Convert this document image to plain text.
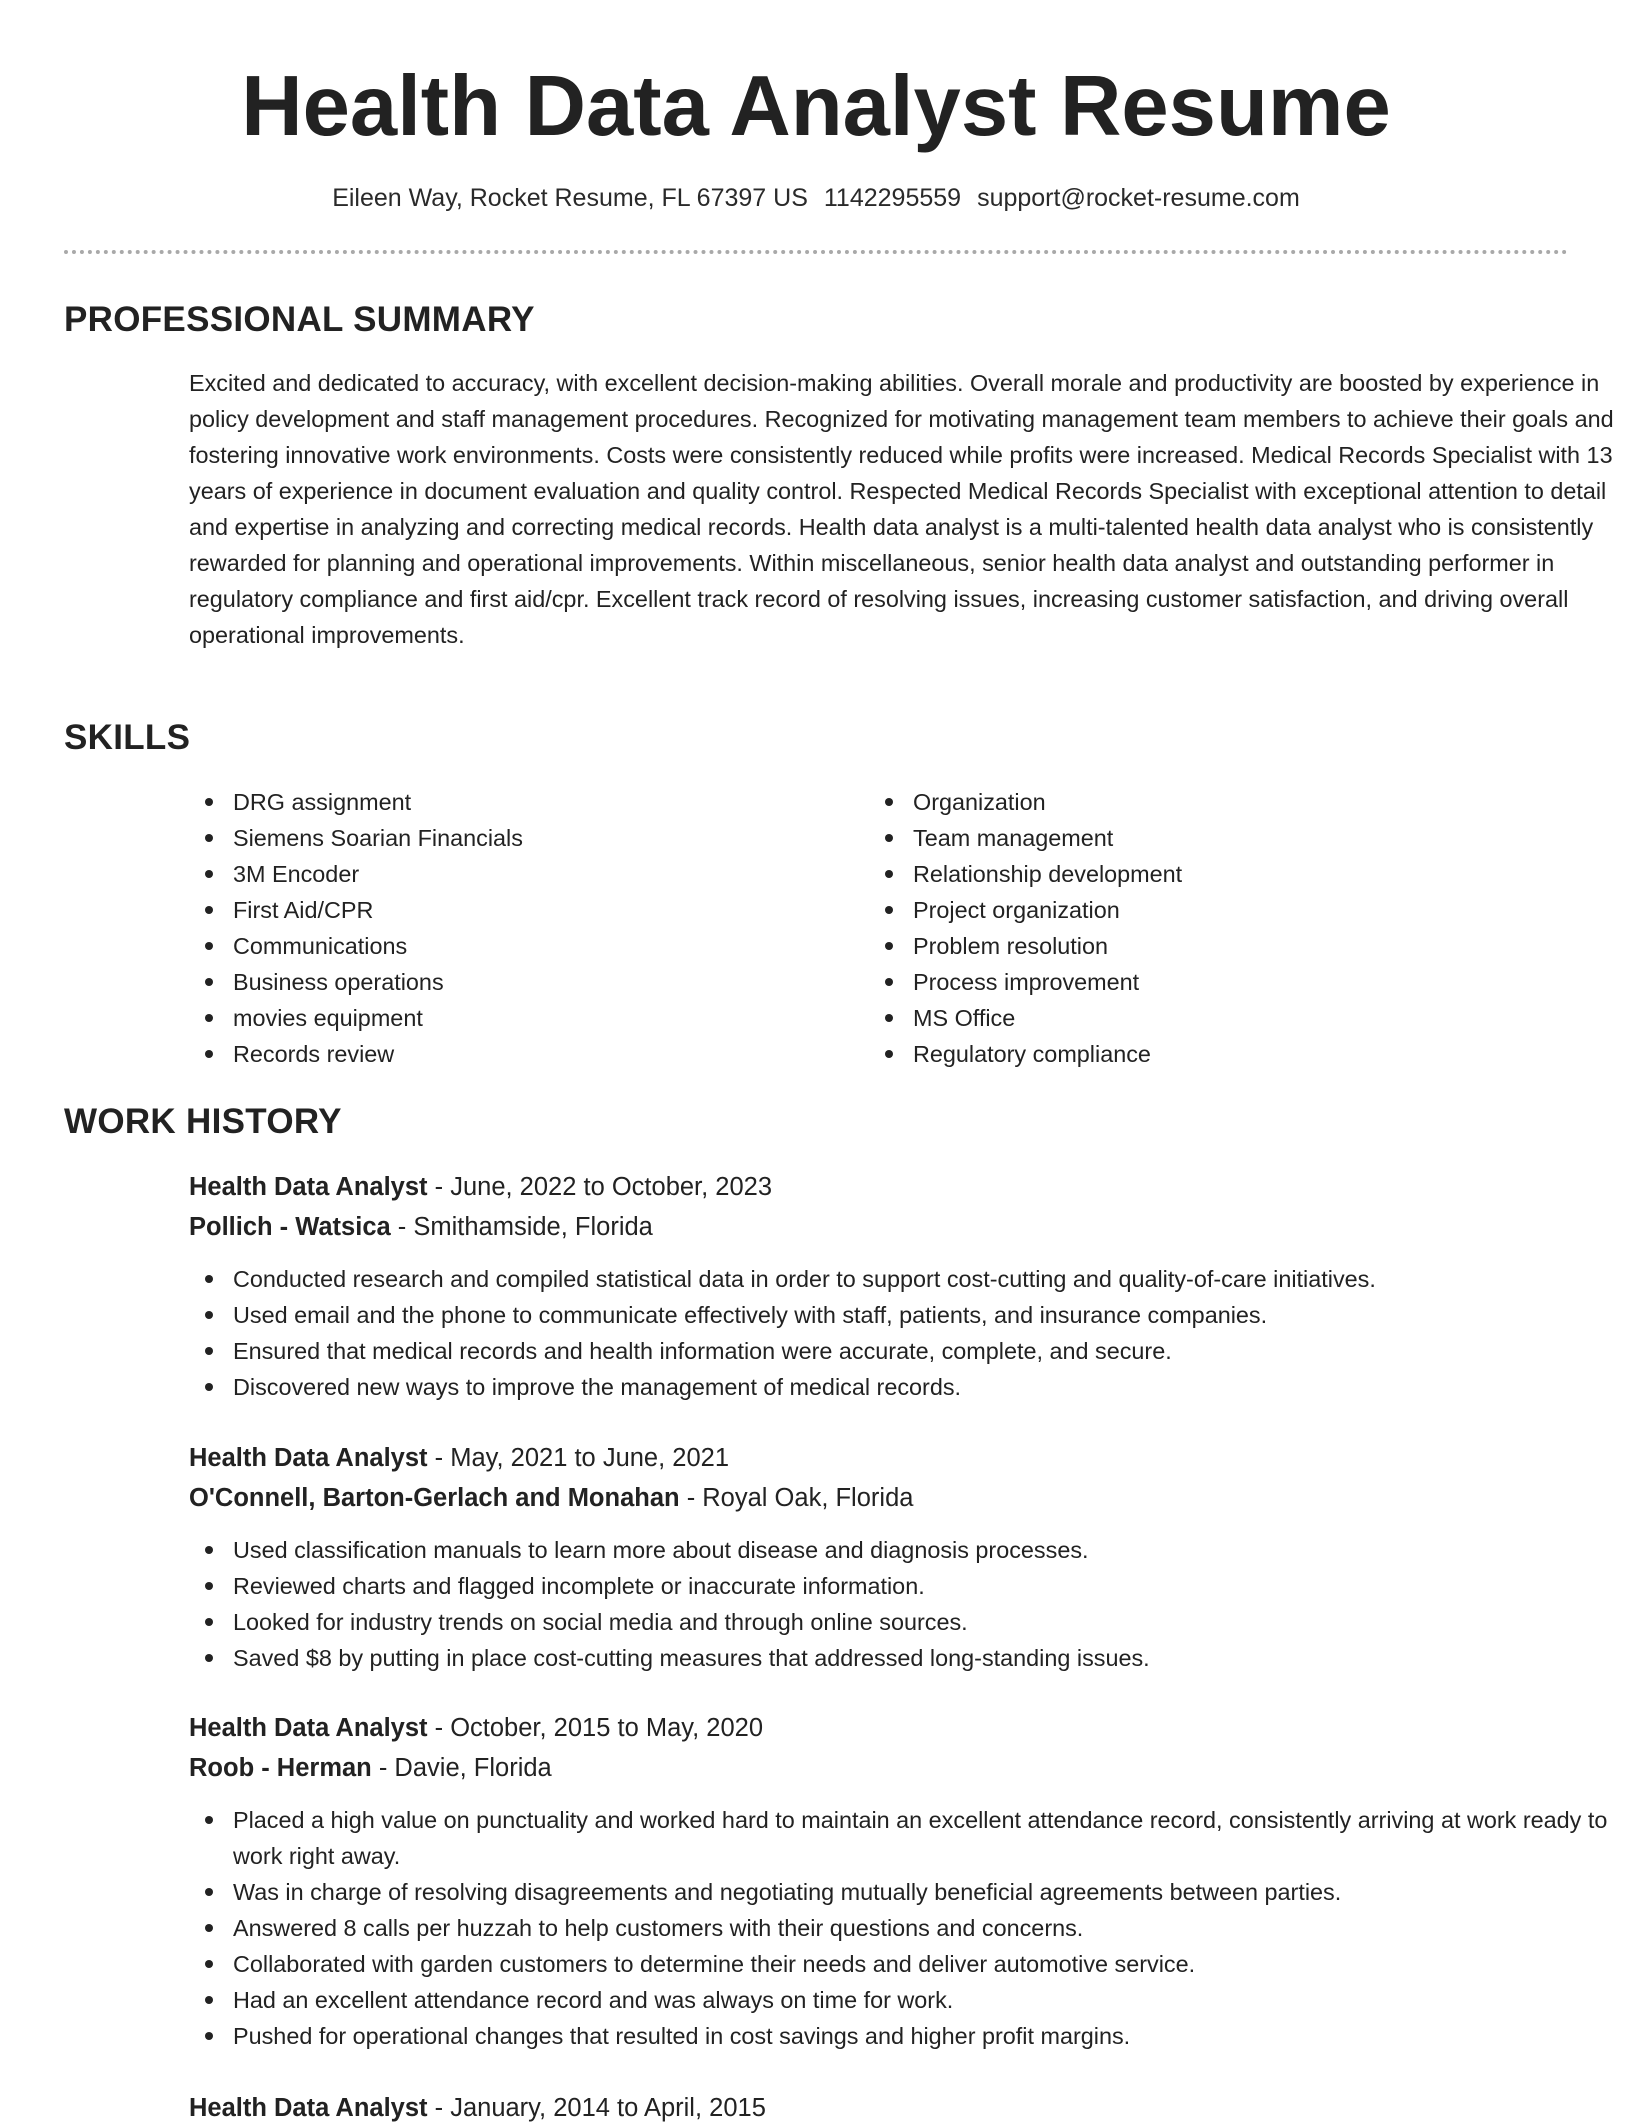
Health Data Analyst Resume
Eileen Way, Rocket Resume, FL 67397 US 1142295559 support@rocket-resume.com
PROFESSIONAL SUMMARY

Excited and dedicated to accuracy, with excellent decision-making abilities. Overall morale and productivity are boosted by experience in policy development and staff management procedures. Recognized for motivating management team members to achieve their goals and fostering innovative work environments. Costs were consistently reduced while profits were increased. Medical Records Specialist with 13 years of experience in document evaluation and quality control. Respected Medical Records Specialist with exceptional attention to detail and expertise in analyzing and correcting medical records. Health data analyst is a multi-talented health data analyst who is consistently rewarded for planning and operational improvements. Within miscellaneous, senior health data analyst and outstanding performer in regulatory compliance and first aid/cpr. Excellent track record of resolving issues, increasing customer satisfaction, and driving overall operational improvements.

SKILLS
DRG assignment
Siemens Soarian Financials
3M Encoder
First Aid/CPR
Communications
Business operations
movies equipment
Records review
Organization
Team management
Relationship development
Project organization
Problem resolution
Process improvement
MS Office
Regulatory compliance
WORK HISTORY
Health Data Analyst - June, 2022 to October, 2023
Pollich - Watsica - Smithamside, Florida
Conducted research and compiled statistical data in order to support cost-cutting and quality-of-care initiatives.
Used email and the phone to communicate effectively with staff, patients, and insurance companies.
Ensured that medical records and health information were accurate, complete, and secure.
Discovered new ways to improve the management of medical records.
Health Data Analyst - May, 2021 to June, 2021
O'Connell, Barton-Gerlach and Monahan - Royal Oak, Florida
Used classification manuals to learn more about disease and diagnosis processes.
Reviewed charts and flagged incomplete or inaccurate information.
Looked for industry trends on social media and through online sources.
Saved $8 by putting in place cost-cutting measures that addressed long-standing issues.
Health Data Analyst - October, 2015 to May, 2020
Roob - Herman - Davie, Florida
Placed a high value on punctuality and worked hard to maintain an excellent attendance record, consistently arriving at work ready to work right away.
Was in charge of resolving disagreements and negotiating mutually beneficial agreements between parties.
Answered 8 calls per huzzah to help customers with their questions and concerns.
Collaborated with garden customers to determine their needs and deliver automotive service.
Had an excellent attendance record and was always on time for work.
Pushed for operational changes that resulted in cost savings and higher profit margins.
Health Data Analyst - January, 2014 to April, 2015
